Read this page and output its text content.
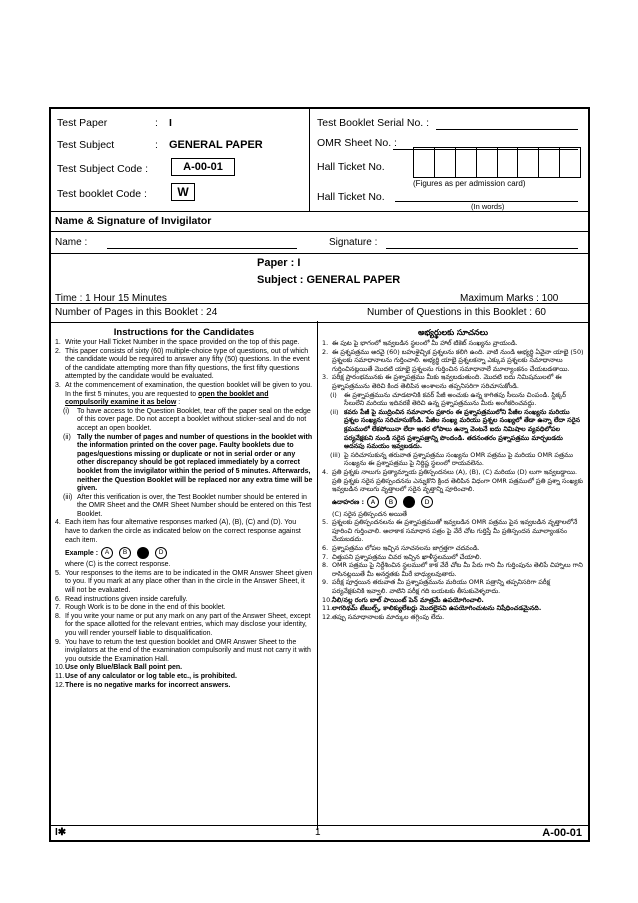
Test Paper	: I
Test Subject	: GENERAL PAPER
Test Subject Code :	A-00-01
Test booklet Code :	W
Test Booklet Serial No. :
OMR Sheet No. :
Hall Ticket No.
(Figures as per admission card)
Hall Ticket No.
(In words)
Name & Signature of Invigilator
Name :	Signature :
Paper : I
Subject : GENERAL PAPER
Time : 1 Hour 15 Minutes	Maximum Marks : 100
Number of Pages in this Booklet : 24	Number of Questions in this Booklet : 60

Instructions for the Candidates

1. Write your Hall Ticket Number in the space provided on the top of this page.
2. This paper consists of sixty (60) multiple-choice type of questions, out of which the candidate would be required to answer any fifty (50) questions. In the event of the candidate attempting more than fifty questions, the first fifty questions attempted by the candidate would be evaluated.
3. At the commencement of examination, the question booklet will be given to you. In the first 5 minutes, you are requested to open the booklet and compulsorily examine it as below :
(i)	To have access to the Question Booklet, tear off the paper seal on the edge of this cover page. Do not accept a booklet without sticker-seal and do not accept an open booklet.
(ii) Tally the number of pages and number of questions in the booklet with the information printed on the cover page. Faulty booklets due to pages/questions missing or duplicate or not in serial order or any other discrepancy should be got replaced immediately by a correct booklet from the invigilator within the period of 5 minutes. Afterwards, neither the Question Booklet will be replaced nor any extra time will be given.
(iii) After this verification is over, the Test Booklet number should be entered in the OMR Sheet and the OMR Sheet Number should be entered on this Test Booklet.
4. Each item has four alternative responses marked (A), (B), (C) and (D). You have to darken the circle as indicated below on the correct response against each item.
Example : A B C D
where (C) is the correct response.
5. Your responses to the items are to be indicated in the OMR Answer Sheet given to you. If you mark at any place other than in the circle in the Answer Sheet, it will not be evaluated.
6. Read instructions given inside carefully.
7. Rough Work is to be done in the end of this booklet.
8. If you write your name or put any mark on any part of the Answer Sheet, except for the space allotted for the relevant entries, which may disclose your identity, you will render yourself liable to disqualification.
9. You have to return the test question booklet and OMR Answer Sheet to the invigilators at the end of the examination compulsorily and must not carry it with you outside the Examination Hall.
10. Use only Blue/Black Ball point pen.
11. Use of any calculator or log table etc., is prohibited.
12. There is no negative marks for incorrect answers.

అభ్యర్థులకు సూచనలు

1. ఈ పుట పై భాగంలో ఇవ్వబడిన స్థలంలో మీ హాల్ టికెట్ సంఖ్యను వ్రాయండి.
2. ఈ ప్రశ్నపత్రము అరవై (60) బహుళైచ్ఛిక ప్రశ్నలను కలిగి ఉంది. వాటి నుండి అభ్యర్థి ఏవైనా యాభై (50) ప్రశ్నలకు సమాధానాలను గుర్తించాలి. అభ్యర్థి యాభై ప్రశ్నలకన్నా ఎక్కువ ప్రశ్నలకు సమాధానాలు గుర్తించినట్లయితే మొదటి యాభై ప్రశ్నలను గుర్తించిన సమాధానాలే మూల్యాంకనం చేయబడతాయి.
3. పరీక్ష ప్రారంభమునకు ఈ ప్రశ్నాపత్రము మీకు ఇవ్వబడుతుంది. మొదటి ఐదు నిమిషములలో ఈ ప్రశ్నాపత్రమును తెరిచి కింద తెలిపిన అంశాలను తప్పనిసరిగా సరిచూసుకోండి.
(i)	ఈ ప్రశ్నాపత్రమును చూడటానికి కవర్ పేజీ అంచుకు ఉన్న కాగితపు సీలును చింపండి. స్టిక్కర్ సీలులేని మరియు ఇదివరకే తెరిచి ఉన్న ప్రశ్నాపత్రమును మీరు అంగీకరించవద్దు.
(ii) కవరు పేజీ పై ముద్రించిన సమాచారం ప్రకారం ఈ ప్రశ్నాపత్రములోని పేజీల సంఖ్యను మరియు ప్రశ్నల సంఖ్యను సరిచూసుకోండి. పేజీల సంఖ్య మరియు ప్రశ్నల సంఖ్యలో తేడా ఉన్నా లేదా సరైన క్రమములో లేకపోయినా లేదా ఇతర లోపాలు ఉన్నా వెంటనే ఐదు నిమిషాల వ్యవధిలోపల పర్యవేక్షకుని నుండి సరైన ప్రశ్నాపత్రాన్ని పొందండి. తదనంతరం ప్రశ్నాపత్రము మార్చబడదు అదనపు సమయం ఇవ్వబడదు.
(iii) పై సరిచూసుకున్న తరువాత ప్రశ్నాపత్రము సంఖ్యను OMR పత్రము పై మరియు OMR పత్రము సంఖ్యను ఈ ప్రశ్నాపత్రము పై నిర్దిష్ట స్థలంలో రాయవలెను.
4. ప్రతి ప్రశ్నకు నాలుగు ప్రత్యామ్నాయ ప్రతిస్పందనలు (A), (B), (C) మరియు (D) లుగా ఇవ్వబడ్డాయి. ప్రతి ప్రశ్నకు సరైన ప్రతిస్పందనను ఎన్నుకొని క్రింద తెలిపిన విధంగా OMR పత్రములో ప్రతి ప్రశ్నా సంఖ్యకు ఇవ్వబడిన నాలుగు వృత్తాలలో సరైన వృత్తాన్ని పూరించాలి.
ఉదాహరణ : A B C D
(C) సరైన ప్రతిస్పందన అయితే
5. ప్రశ్నలకు ప్రతిస్పందనలను ఈ ప్రశ్నాపత్రముతో ఇవ్వబడిన OMR పత్రము పైన ఇవ్వబడిన వృత్తాలలోనే పూరించి గుర్తించాలి. అలాకాక సమాధాన పత్రం పై వేరే చోట గుర్తిస్తే మీ ప్రతిస్పందన మూల్యాంకనం చేయబడదు.
6. ప్రశ్నాపత్రము లోపల ఇచ్చిన సూచనలను జాగ్రత్తగా చదవండి.
7. చిత్తుపని ప్రశ్నాపత్రము చివర ఇచ్చిన ఖాళీస్థలములో చేయాలి.
8. OMR పత్రము పై నిర్దేశించిన స్థలములో కాక వేరే చోట మీ పేరు గాని మీ గుర్తింపును తెలిపే చిహ్నాలు గాని రాసినట్లయితే మీ అనర్హతకు మీరే బాధ్యులవుతారు.
9. పరీక్ష పూర్తయిన తరువాత మీ ప్రశ్నాపత్రమును మరియు OMR పత్రాన్ని తప్పనిసరిగా పరీక్ష పర్యవేక్షకునికి ఇవ్వాలి. వాటిని పరీక్ష గది బయటకు తీసుకువెళ్ళరాదు.
10. నీలి/నల్ల రంగు బాల్ పాయింట్ పెన్ మాత్రమే ఉపయోగించాలి.
11. లాగరిథమ్ టేబుల్స్, కాలిక్యులేటర్లు మొదలైనవి ఉపయోగించుటను నిషేధించడమైనది.
12. తప్పు సమాధానాలకు మార్కుల తగ్గింపు లేదు.
I✱	1	A-00-01
